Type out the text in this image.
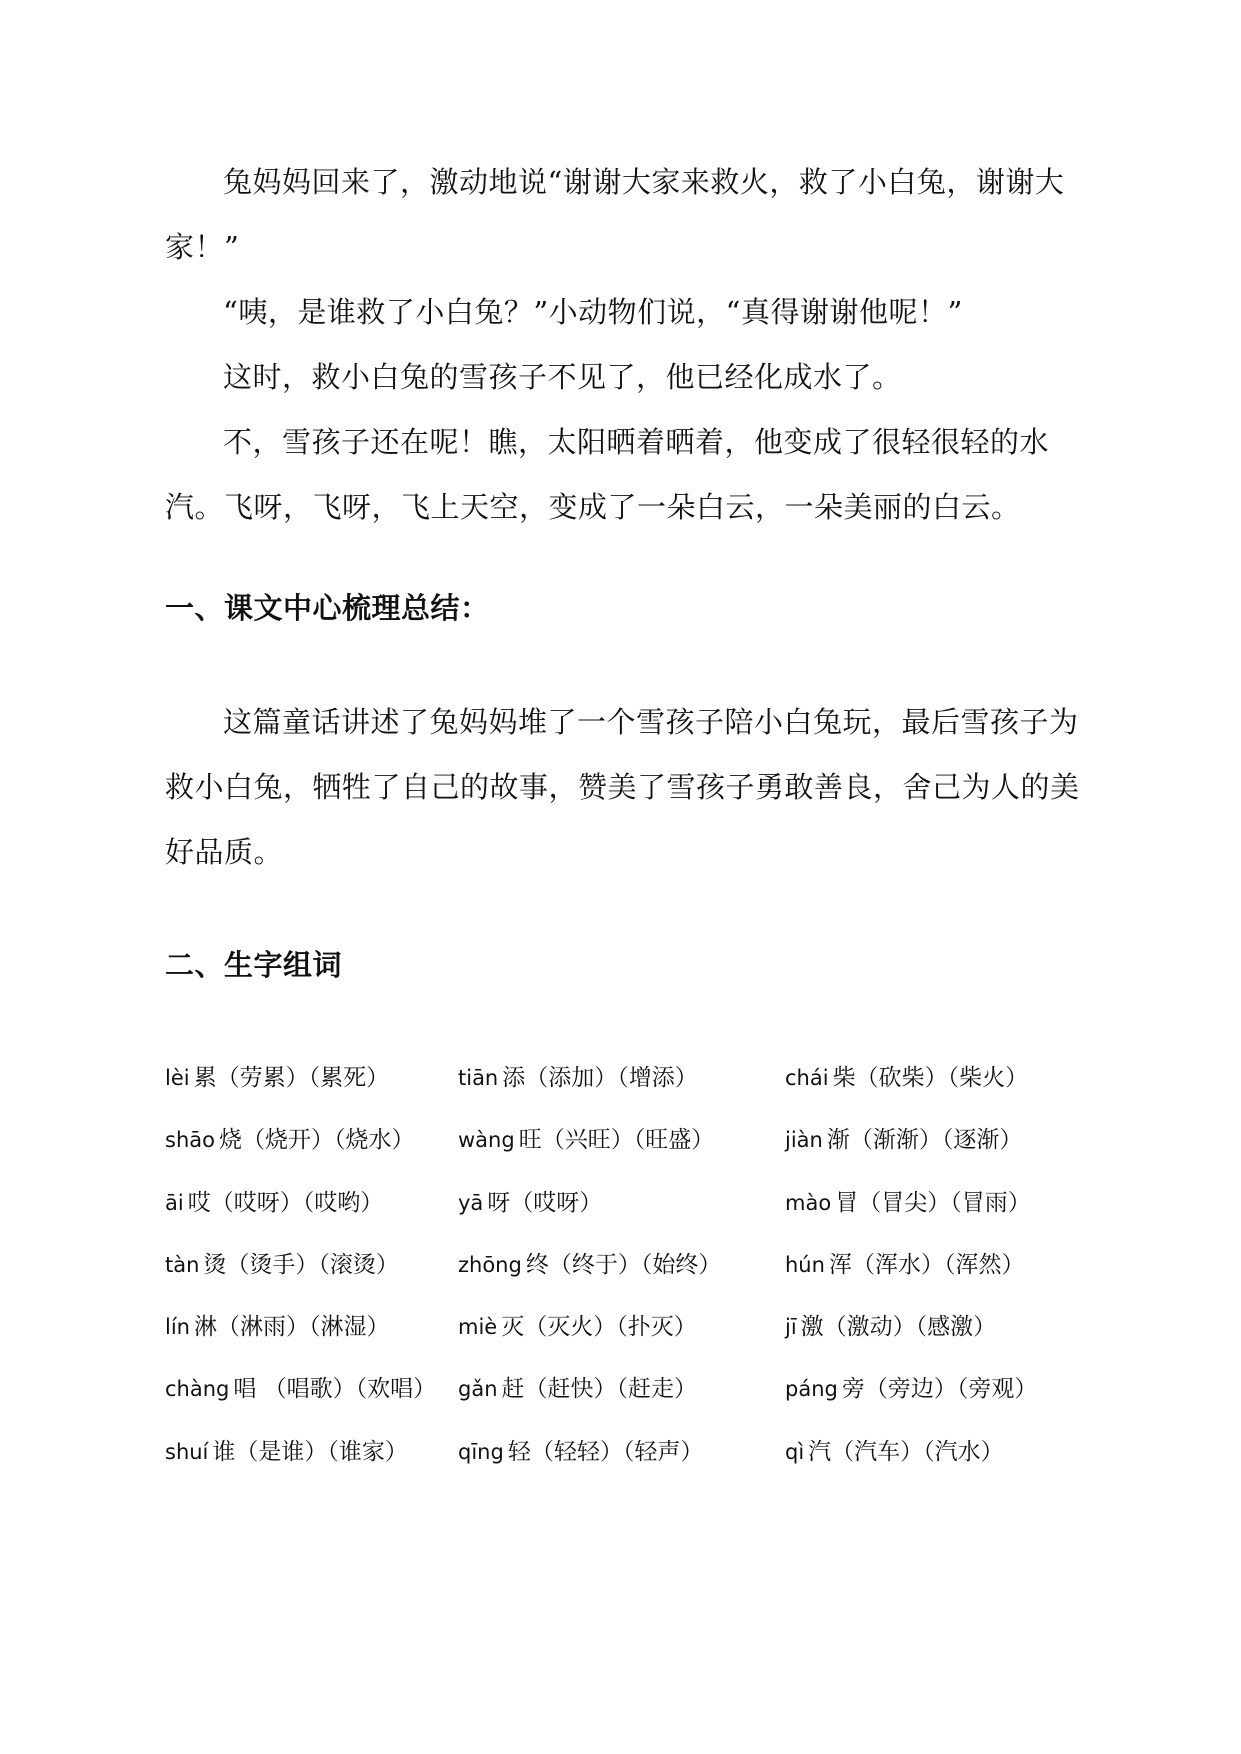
兔妈妈回来了，激动地说“谢谢大家来救火，救了小白兔，谢谢大家！”

“咦，是谁救了小白兔？”小动物们说，“真得谢谢他呢！”

这时，救小白兔的雪孩子不见了，他已经化成水了。

不，雪孩子还在呢！瞧，太阳晒着晒着，他变成了很轻很轻的水汽。飞呀，飞呀，飞上天空，变成了一朵白云，一朵美丽的白云。

一、课文中心梳理总结：

这篇童话讲述了兔妈妈堆了一个雪孩子陪小白兔玩，最后雪孩子为救小白兔，牺牲了自己的故事，赞美了雪孩子勇敢善良，舍己为人的美好品质。

二、生字组词
lèi 累（劳累）（累死）	tiān 添（添加）（增添）	chái 柴（砍柴）（柴火）
shāo 烧（烧开）（烧水） wàng 旺（兴旺）（旺盛）	jiàn 渐（渐渐）（逐渐）
āi 哎（哎呀）（哎哟）	yā 呀（哎呀）	mào 冒（冒尖）（冒雨）
tàn 烫（烫手）（滚烫）	zhōng 终（终于）（始终）	hún 浑（浑水）（浑然）
lín 淋（淋雨）（淋湿）	miè 灭（灭火）（扑灭）	jī 激（激动）（感激）
chàng 唱 （唱歌）（欢唱） gǎn 赶（赶快）（赶走）	páng 旁（旁边）（旁观）
shuí 谁（是谁）（谁家） qīng 轻（轻轻）（轻声）	qì 汽（汽车）（汽水）
